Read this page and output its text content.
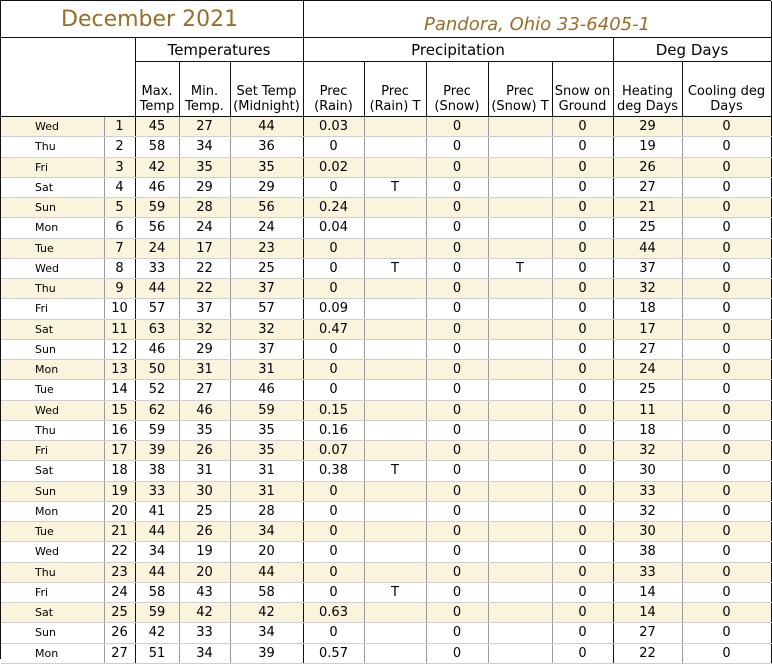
December 2021					Pandora, Ohio 33-6405-1						
		Temperatures			Precipitation					Deg Days	
		Max. Temp	Min. Temp.	Set Temp (Midnight)	Prec (Rain)	Prec (Rain) T	Prec (Snow)	Prec (Snow) T	Snow on Ground	Heating deg Days	Cooling deg Days
Wed	1	45	27	44	0.03		0		0	29	0
Thu	2	58	34	36	0		0		0	19	0
Fri	3	42	35	35	0.02		0		0	26	0
Sat	4	46	29	29	0	T	0		0	27	0
Sun	5	59	28	56	0.24		0		0	21	0
Mon	6	56	24	24	0.04		0		0	25	0
Tue	7	24	17	23	0		0		0	44	0
Wed	8	33	22	25	0	T	0	T	0	37	0
Thu	9	44	22	37	0		0		0	32	0
Fri	10	57	37	57	0.09		0		0	18	0
Sat	11	63	32	32	0.47		0		0	17	0
Sun	12	46	29	37	0		0		0	27	0
Mon	13	50	31	31	0		0		0	24	0
Tue	14	52	27	46	0		0		0	25	0
Wed	15	62	46	59	0.15		0		0	11	0
Thu	16	59	35	35	0.16		0		0	18	0
Fri	17	39	26	35	0.07		0		0	32	0
Sat	18	38	31	31	0.38	T	0		0	30	0
Sun	19	33	30	31	0		0		0	33	0
Mon	20	41	25	28	0		0		0	32	0
Tue	21	44	26	34	0		0		0	30	0
Wed	22	34	19	20	0		0		0	38	0
Thu	23	44	20	44	0		0		0	33	0
Fri	24	58	43	58	0	T	0		0	14	0
Sat	25	59	42	42	0.63		0		0	14	0
Sun	26	42	33	34	0		0		0	27	0
Mon	27	51	34	39	0.57		0		0	22	0
